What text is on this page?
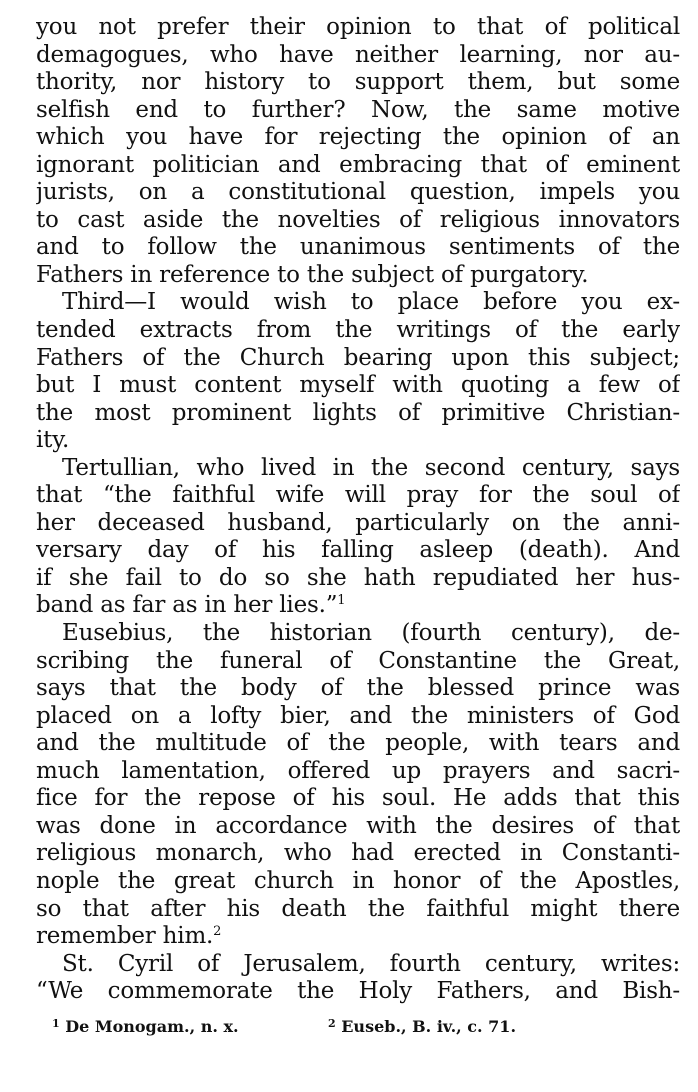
you not prefer their opinion to that of political
demagogues, who have neither learning, nor au-
thority, nor history to support them, but some
selfish end to further? Now, the same motive
which you have for rejecting the opinion of an
ignorant politician and embracing that of eminent
jurists, on a constitutional question, impels you
to cast aside the novelties of religious innovators
and to follow the unanimous sentiments of the
Fathers in reference to the subject of purgatory.
Third—I would wish to place before you ex-
tended extracts from the writings of the early
Fathers of the Church bearing upon this subject;
but I must content myself with quoting a few of
the most prominent lights of primitive Christian-
ity.
Tertullian, who lived in the second century, says
that “the faithful wife will pray for the soul of
her deceased husband, particularly on the anni-
versary day of his falling asleep (death). And
if she fail to do so she hath repudiated her hus-
band as far as in her lies.”$^1$
Eusebius, the historian (fourth century), de-
scribing the funeral of Constantine the Great,
says that the body of the blessed prince was
placed on a lofty bier, and the ministers of God
and the multitude of the people, with tears and
much lamentation, offered up prayers and sacri-
fice for the repose of his soul. He adds that this
was done in accordance with the desires of that
religious monarch, who had erected in Constanti-
nople the great church in honor of the Apostles,
so that after his death the faithful might there
remember him.$^2$
St. Cyril of Jerusalem, fourth century, writes:
“We commemorate the Holy Fathers, and Bish-
$^1$ De Monogam., n. x.	$^2$ Euseb., B. iv., c. 71.
